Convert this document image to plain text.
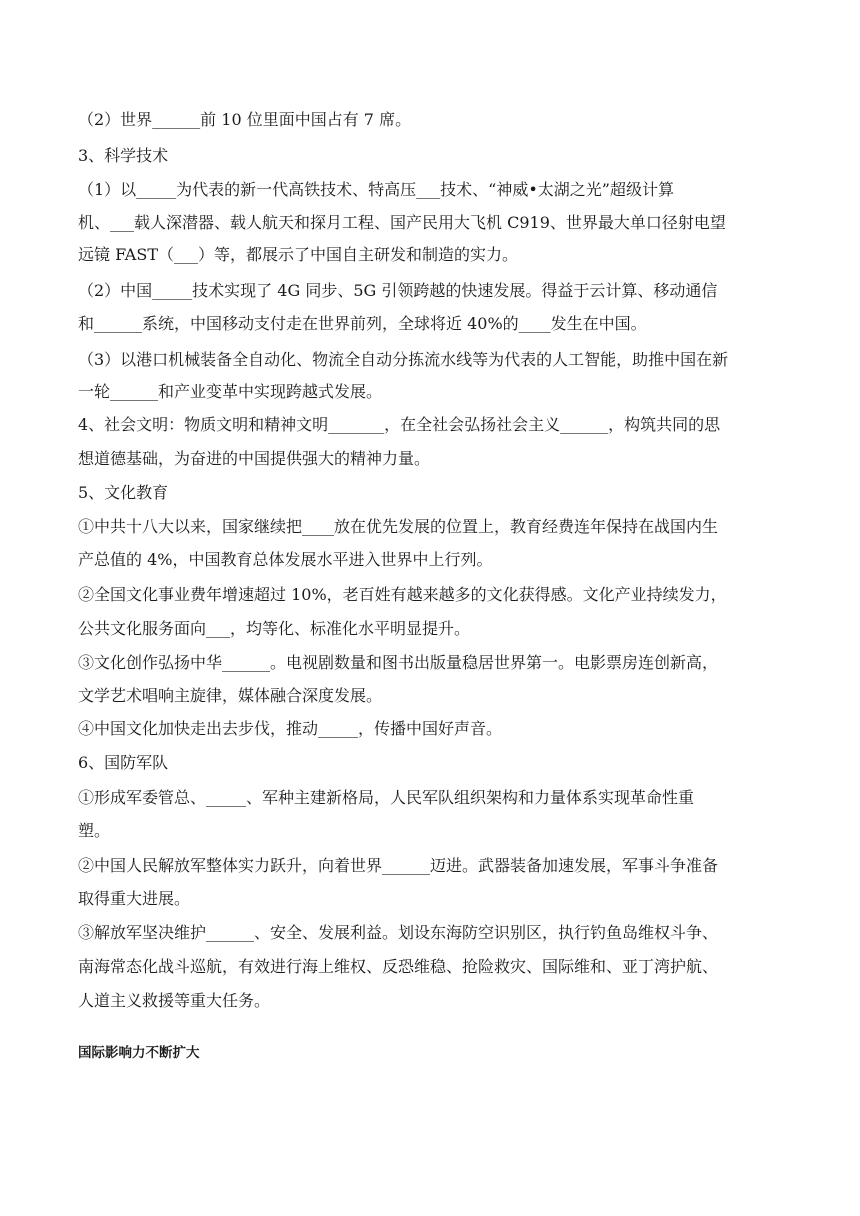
（2）世界______前 10 位里面中国占有 7 席。
3、科学技术
（1）以_____为代表的新一代高铁技术、特高压___技术、“神威•太湖之光”超级计算
机、___载人深潜器、载人航天和探月工程、国产民用大飞机 C919、世界最大单口径射电望
远镜 FAST（___）等，都展示了中国自主研发和制造的实力。
（2）中国_____技术实现了 4G 同步、5G 引领跨越的快速发展。得益于云计算、移动通信
和______系统，中国移动支付走在世界前列，全球将近 40%的____发生在中国。
（3）以港口机械装备全自动化、物流全自动分拣流水线等为代表的人工智能，助推中国在新
一轮______和产业变革中实现跨越式发展。
4、社会文明：物质文明和精神文明_______，在全社会弘扬社会主义______，构筑共同的思
想道德基础，为奋进的中国提供强大的精神力量。
5、文化教育
①中共十八大以来，国家继续把____放在优先发展的位置上，教育经费连年保持在战国内生
产总值的 4%，中国教育总体发展水平进入世界中上行列。
②全国文化事业费年增速超过 10%，老百姓有越来越多的文化获得感。文化产业持续发力，
公共文化服务面向___，均等化、标准化水平明显提升。
③文化创作弘扬中华______。电视剧数量和图书出版量稳居世界第一。电影票房连创新高，
文学艺术唱响主旋律，媒体融合深度发展。
④中国文化加快走出去步伐，推动_____，传播中国好声音。
6、国防军队
①形成军委管总、_____、军种主建新格局，人民军队组织架构和力量体系实现革命性重
塑。
②中国人民解放军整体实力跃升，向着世界______迈进。武器装备加速发展，军事斗争准备
取得重大进展。
③解放军坚决维护______、安全、发展利益。划设东海防空识别区，执行钓鱼岛维权斗争、
南海常态化战斗巡航，有效进行海上维权、反恐维稳、抢险救灾、国际维和、亚丁湾护航、
人道主义救援等重大任务。
国际影响力不断扩大
